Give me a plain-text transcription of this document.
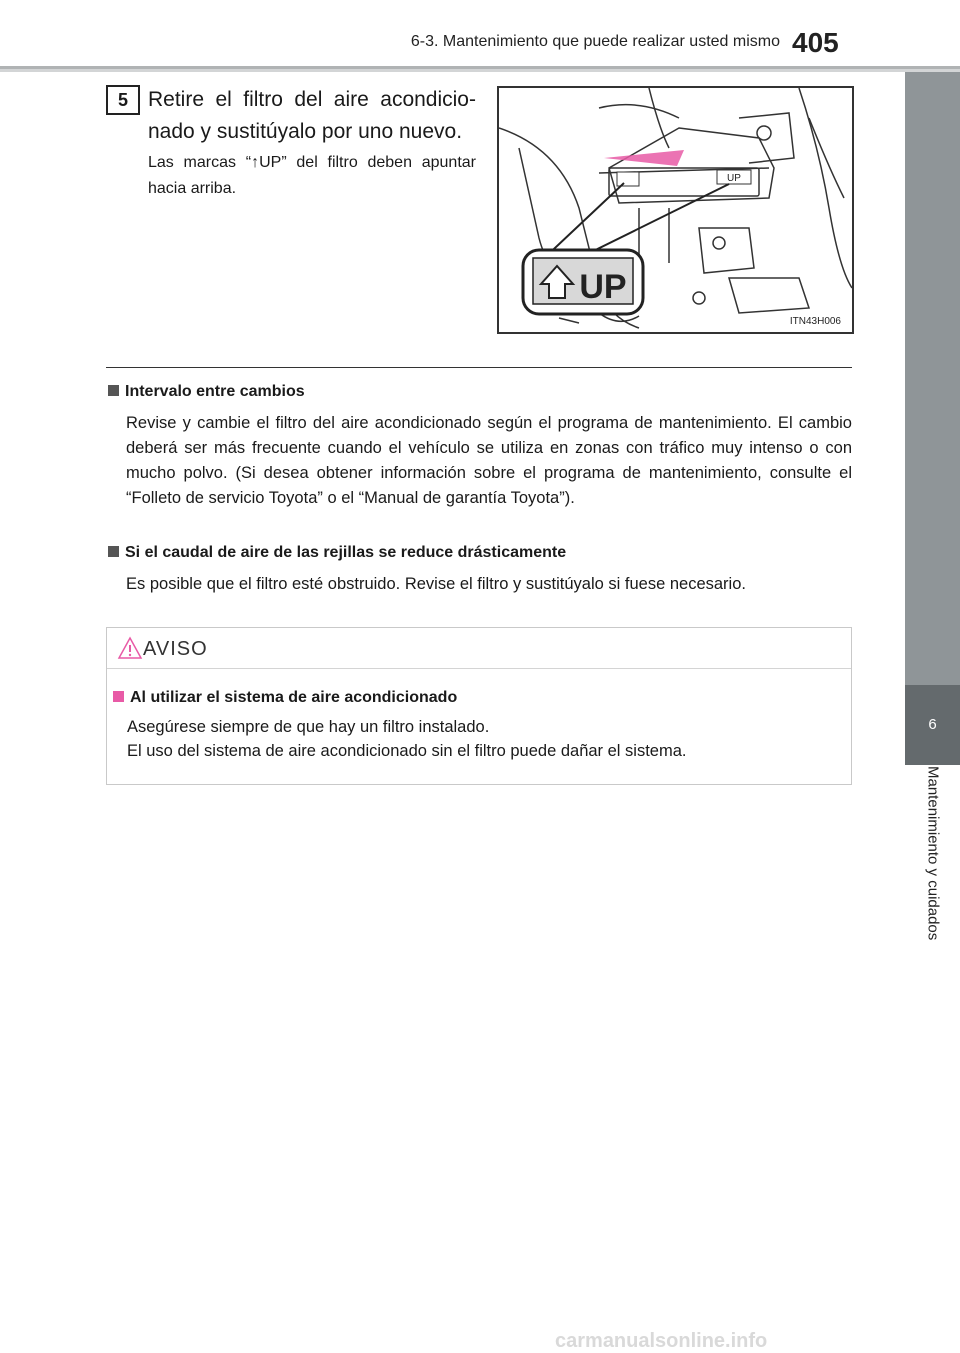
6-3. Mantenimiento que puede realizar usted mismo 405
6
Mantenimiento y cuidados
5 Retire el filtro del aire acondicionado y sustitúyalo por uno nuevo.
Las marcas “↑UP” del filtro deben apuntar hacia arriba.
UP
UP
ITN43H006
Intervalo entre cambios
Revise y cambie el filtro del aire acondicionado según el programa de mantenimiento. El cambio deberá ser más frecuente cuando el vehículo se utiliza en zonas con tráfico muy intenso o con mucho polvo. (Si desea obtener información sobre el programa de mantenimiento, consulte el “Folleto de servicio Toyota” o el “Manual de garantía Toyota”).
Si el caudal de aire de las rejillas se reduce drásticamente
Es posible que el filtro esté obstruido. Revise el filtro y sustitúyalo si fuese necesario.
AVISO
Al utilizar el sistema de aire acondicionado
Asegúrese siempre de que hay un filtro instalado.
El uso del sistema de aire acondicionado sin el filtro puede dañar el sistema.
carmanualsonline.info
